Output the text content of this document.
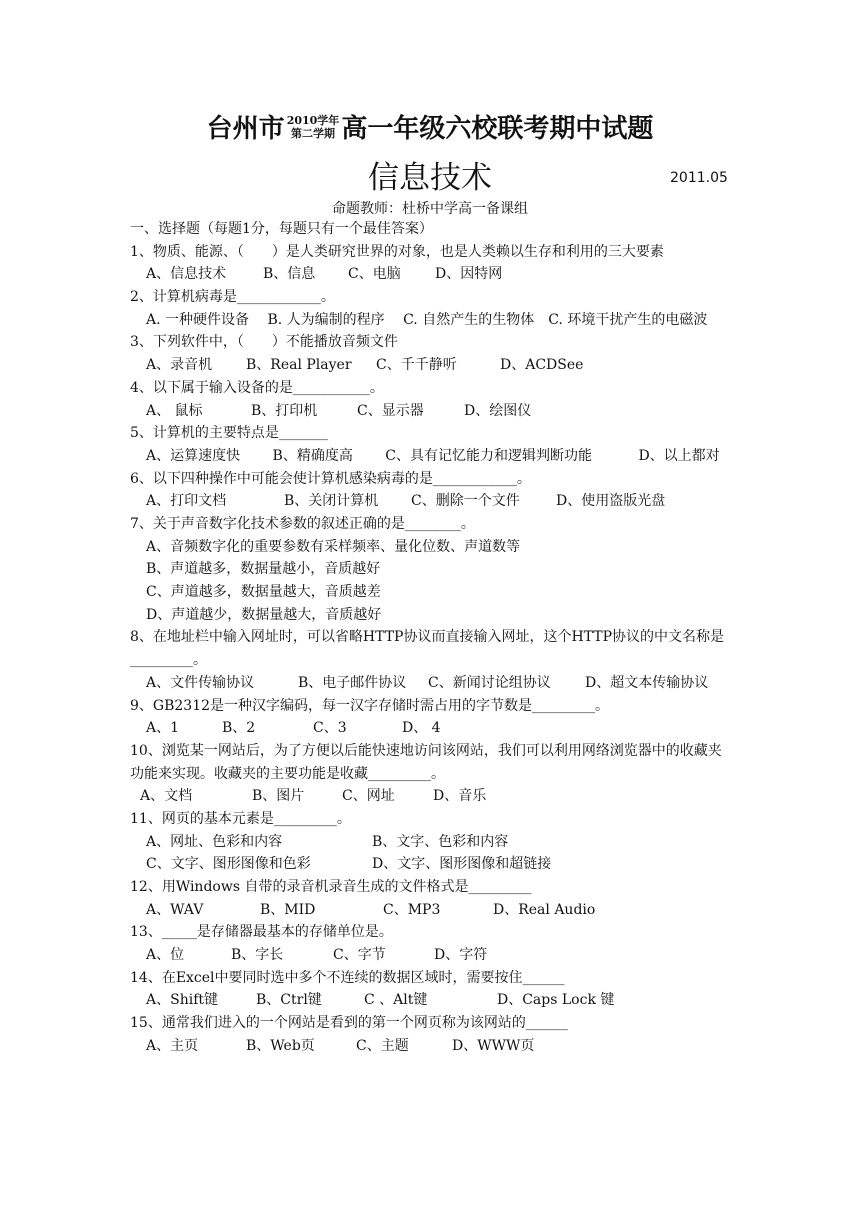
台州市 2010学年
第二学期 高一年级六校联考期中试题
信息技术	2011.05
命题教师：杜桥中学高一备课组
一、选择题（每题1分，每题只有一个最佳答案）
1、物质、能源、（　　）是人类研究世界的对象，也是人类赖以生存和利用的三大要素
A、信息技术	B、信息 C、电脑 D、因特网
2、计算机病毒是____________。
A. 一种硬件设备　 B. 人为编制的程序　 C. 自然产生的生物体　C. 环境干扰产生的电磁波
3、下列软件中，（　　）不能播放音频文件
A、录音机 B、Real Player C、千千静听	D、ACDSee
4、以下属于输入设备的是___________。
A、 鼠标	B、打印机	C、显示器	D、绘图仪
5、计算机的主要特点是_______
A、运算速度快　　 B、精确度高　　 C、具有记忆能力和逻辑判断功能　　　 D、以上都对
6、以下四种操作中可能会使计算机感染病毒的是____________。
A、打印文档	B、关闭计算机 C、删除一个文件	D、使用盗版光盘
7、关于声音数字化技术参数的叙述正确的是________。
A、音频数字化的重要参数有采样频率、量化位数、声道数等
B、声道越多，数据量越小，音质越好
C、声道越多，数据量越大，音质越差
D、声道越少，数据量越大，音质越好
8、在地址栏中输入网址时，可以省略HTTP协议而直接输入网址，这个HTTP协议的中文名称是_________。
A、文件传输协议	B、电子邮件协议 C、新闻讨论组协议 D、超文本传输协议
9、GB2312是一种汉字编码，每一汉字存储时需占用的字节数是_________。
A、1	B、2	C、3	D、 4
10、浏览某一网站后，为了方便以后能快速地访问该网站，我们可以利用网络浏览器中的收藏夹功能来实现。收藏夹的主要功能是收藏_________。
A、文档	B、图片	C、网址	D、音乐
11、网页的基本元素是_________。
A、网址、色彩和内容	B、文字、色彩和内容
C、文字、图形图像和色彩	D、文字、图形图像和超链接
12、用Windows 自带的录音机录音生成的文件格式是_________
A、WAV	B、MID	C、MP3	D、Real Audio
13、_____是存储器最基本的存储单位是。
A、位	B、字长	C、字节	D、字符
14、在Excel中要同时选中多个不连续的数据区域时，需要按住______
A、Shift键	B、Ctrl键	C 、Alt键	D、Caps Lock 键
15、通常我们进入的一个网站是看到的第一个网页称为该网站的______
A、主页	B、Web页	C、主题	D、WWW页
